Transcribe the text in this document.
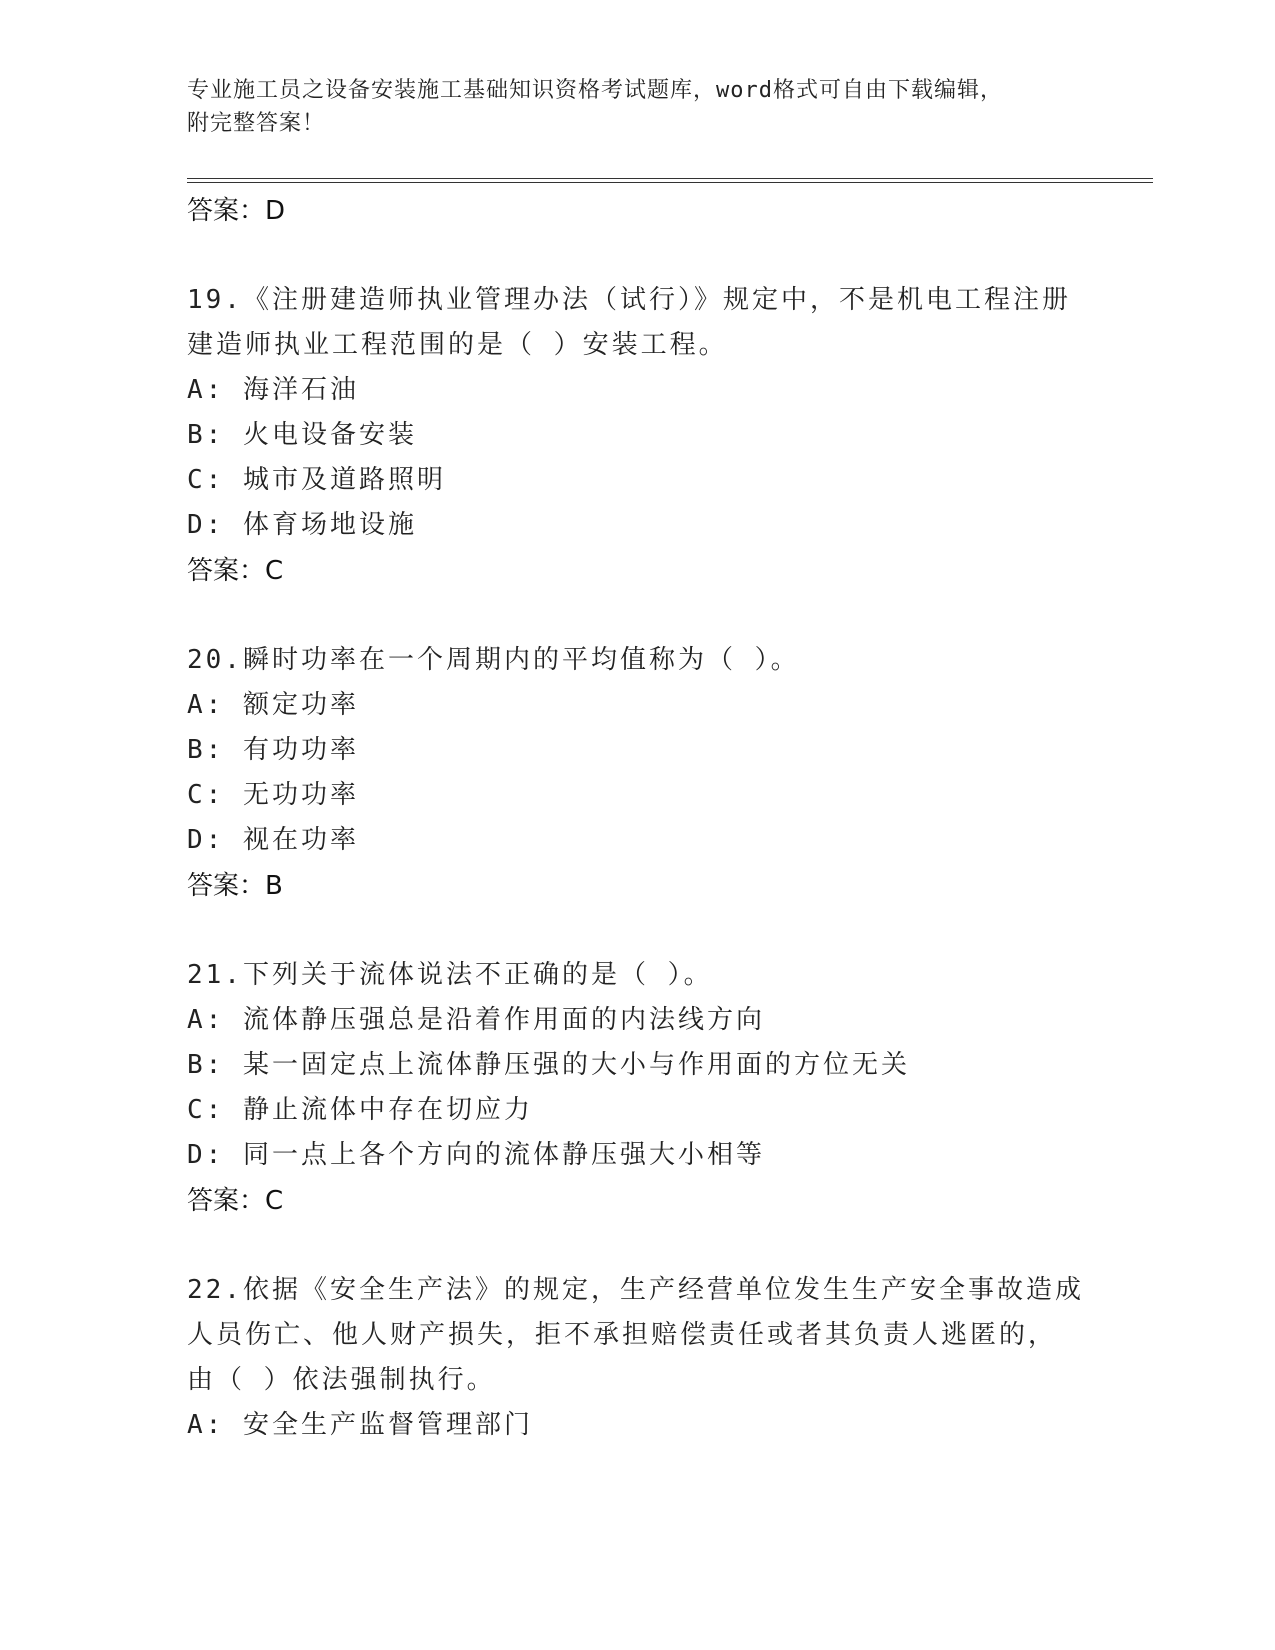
专业施工员之设备安装施工基础知识资格考试题库，word格式可自由下载编辑，
附完整答案！
答案：D
19.《注册建造师执业管理办法（试行）》规定中，不是机电工程注册
建造师执业工程范围的是（ ）安装工程。
A: 海洋石油
B: 火电设备安装
C: 城市及道路照明
D: 体育场地设施
答案：C
20.瞬时功率在一个周期内的平均值称为（ ）。
A: 额定功率
B: 有功功率
C: 无功功率
D: 视在功率
答案：B
21.下列关于流体说法不正确的是（ ）。
A: 流体静压强总是沿着作用面的内法线方向
B: 某一固定点上流体静压强的大小与作用面的方位无关
C: 静止流体中存在切应力
D: 同一点上各个方向的流体静压强大小相等
答案：C
22.依据《安全生产法》的规定，生产经营单位发生生产安全事故造成
人员伤亡、他人财产损失，拒不承担赔偿责任或者其负责人逃匿的，
由（ ）依法强制执行。
A: 安全生产监督管理部门
